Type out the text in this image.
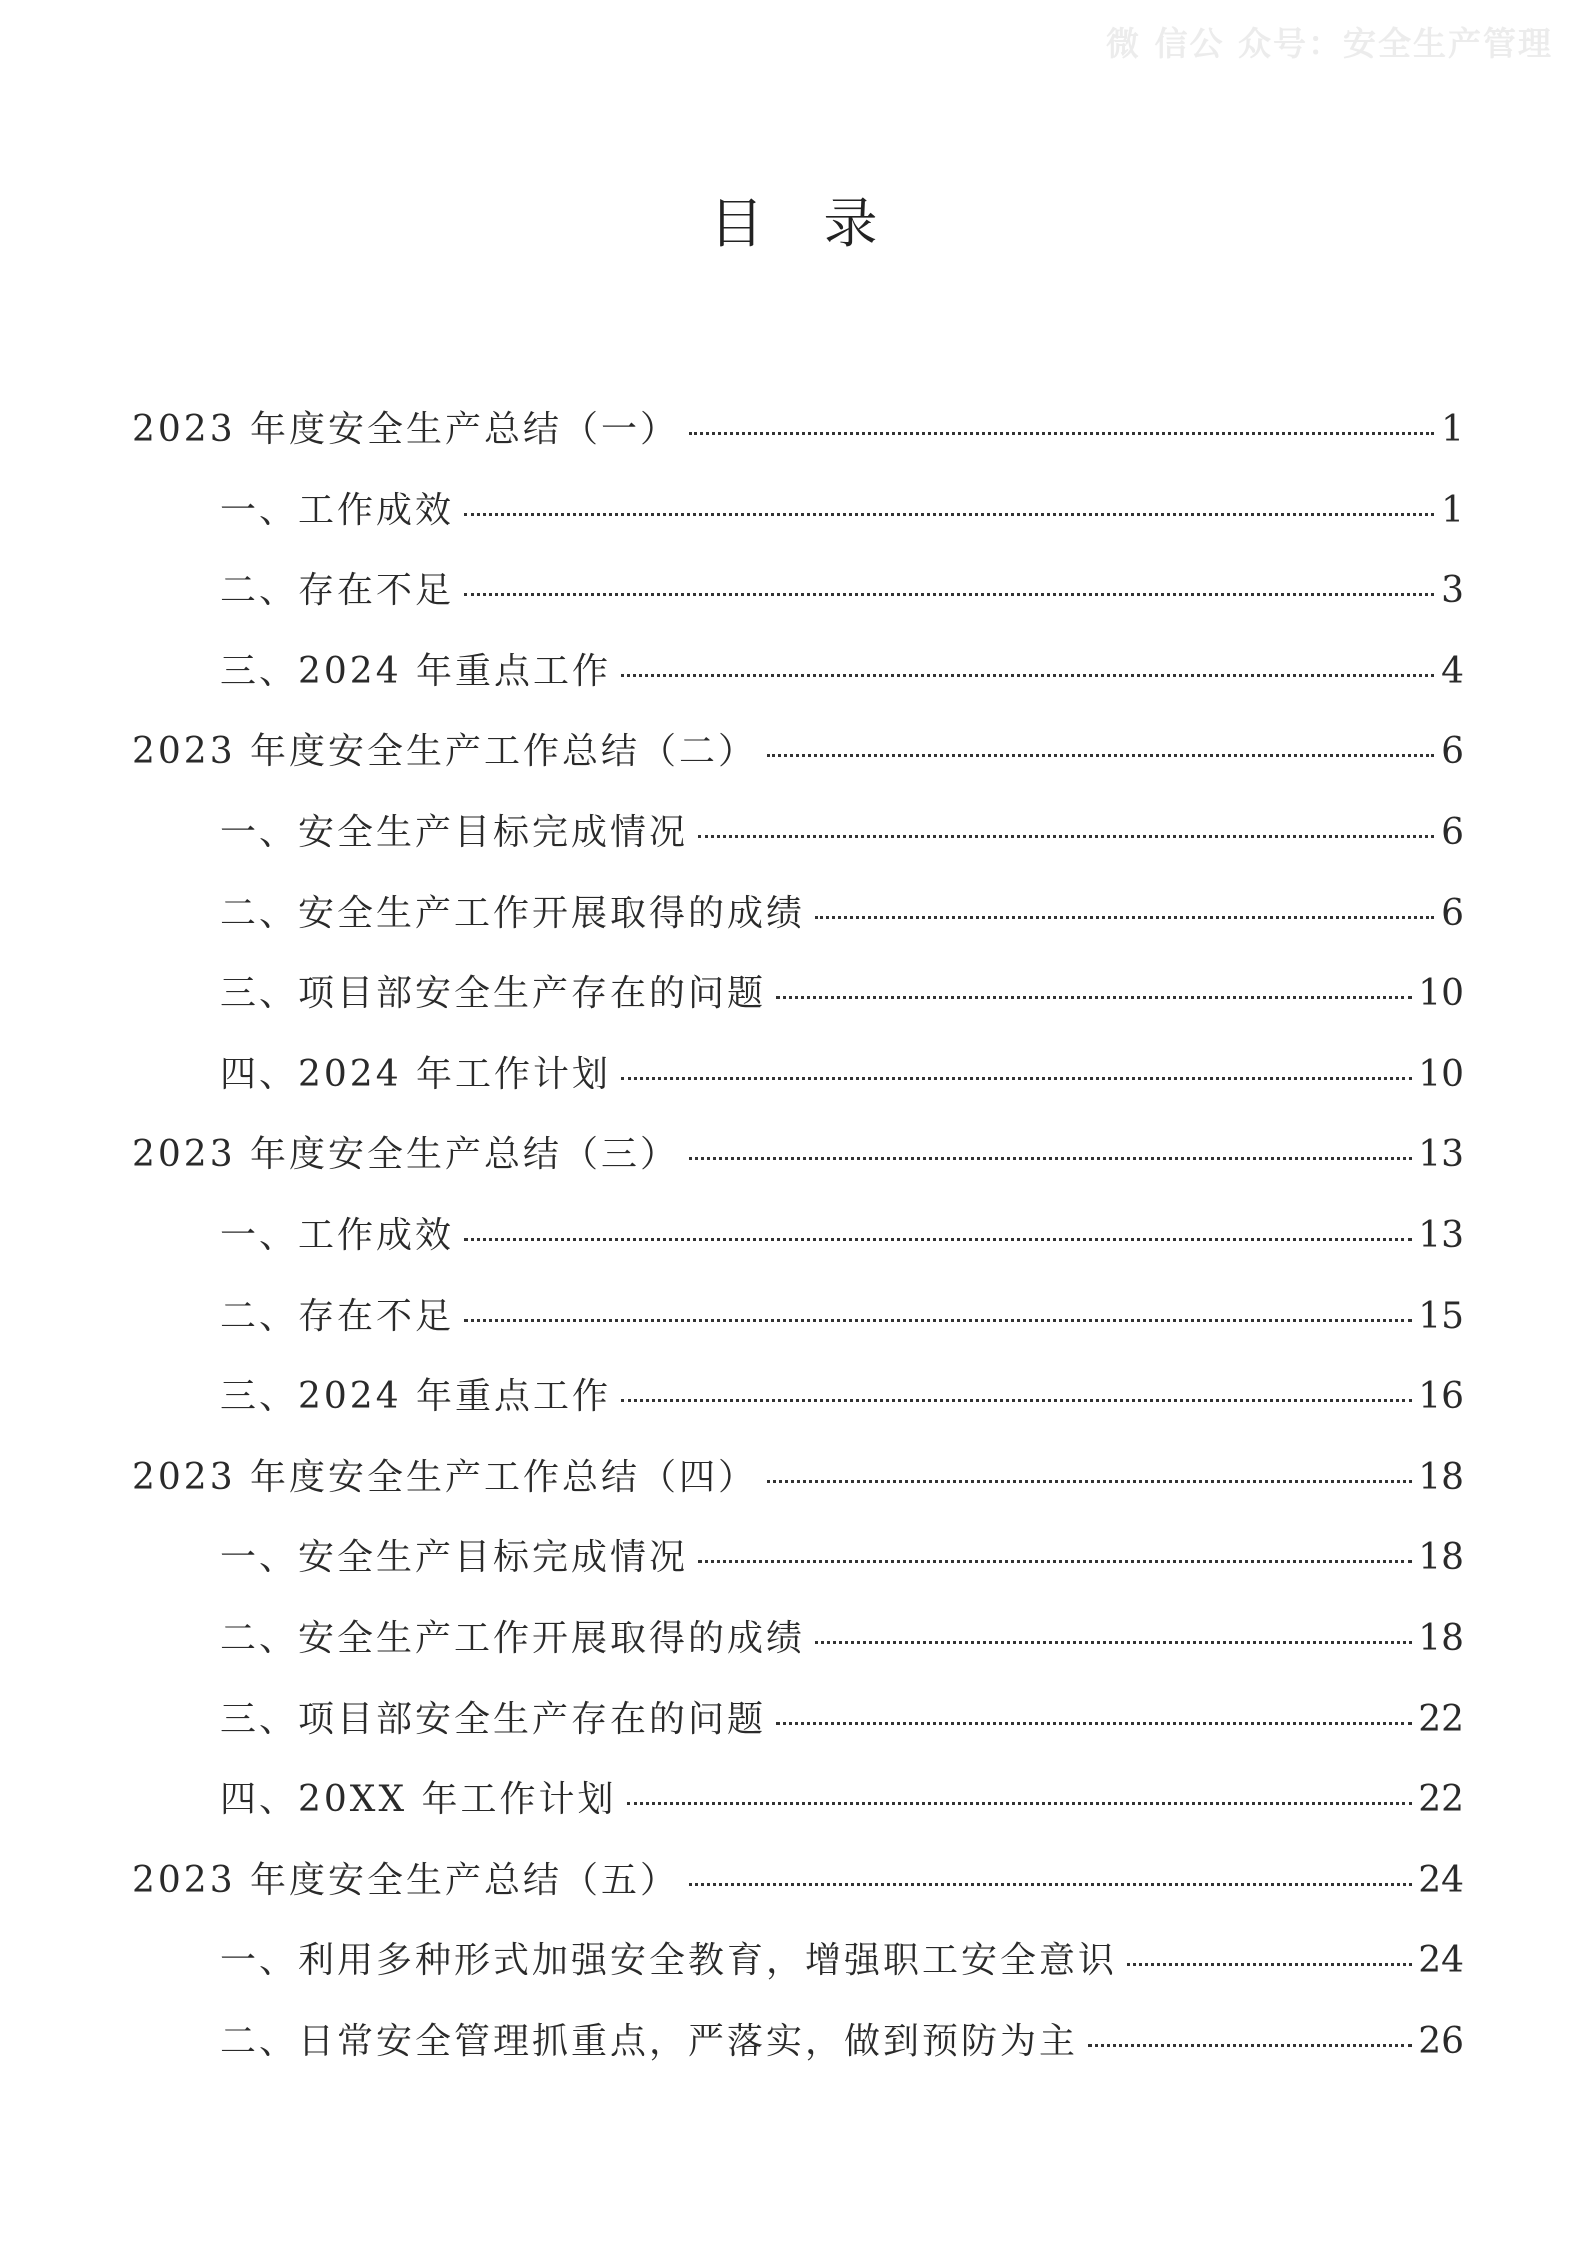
微 信公 众号：安全生产管理
目录
2023 年度安全生产总结（一）	1
一、工作成效	1
二、存在不足	3
三、2024 年重点工作	4
2023 年度安全生产工作总结（二）	6
一、安全生产目标完成情况	6
二、安全生产工作开展取得的成绩	6
三、项目部安全生产存在的问题	10
四、2024 年工作计划	10
2023 年度安全生产总结（三）	13
一、工作成效	13
二、存在不足	15
三、2024 年重点工作	16
2023 年度安全生产工作总结（四）	18
一、安全生产目标完成情况	18
二、安全生产工作开展取得的成绩	18
三、项目部安全生产存在的问题	22
四、20XX 年工作计划	22
2023 年度安全生产总结（五）	24
一、利用多种形式加强安全教育，增强职工安全意识	24
二、日常安全管理抓重点，严落实，做到预防为主	26
